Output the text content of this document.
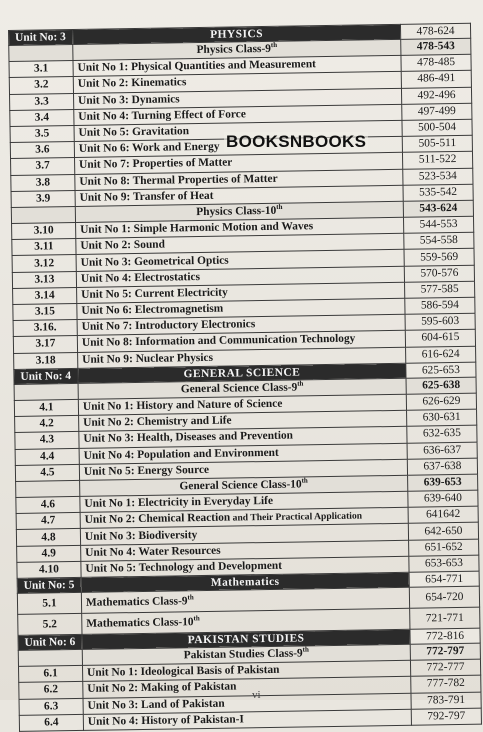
Unit No: 3	PHYSICS	478-624
	Physics Class-9th	478-543
3.1	Unit No 1: Physical Quantities and Measurement	478-485
3.2	Unit No 2: Kinematics	486-491
3.3	Unit No 3: Dynamics	492-496
3.4	Unit No 4: Turning Effect of Force	497-499
3.5	Unit No 5: Gravitation	500-504
3.6	Unit No 6: Work and Energy	505-511
3.7	Unit No 7: Properties of Matter	511-522
3.8	Unit No 8: Thermal Properties of Matter	523-534
3.9	Unit No 9: Transfer of Heat	535-542
	Physics Class-10th	543-624
3.10	Unit No 1: Simple Harmonic Motion and Waves	544-553
3.11	Unit No 2: Sound	554-558
3.12	Unit No 3: Geometrical Optics	559-569
3.13	Unit No 4: Electrostatics	570-576
3.14	Unit No 5: Current Electricity	577-585
3.15	Unit No 6: Electromagnetism	586-594
3.16.	Unit No 7: Introductory Electronics	595-603
3.17	Unit No 8: Information and Communication Technology	604-615
3.18	Unit No 9: Nuclear Physics	616-624
Unit No: 4	GENERAL SCIENCE	625-653
	General Science Class-9th	625-638
4.1	Unit No 1: History and Nature of Science	626-629
4.2	Unit No 2: Chemistry and Life	630-631
4.3	Unit No 3: Health, Diseases and Prevention	632-635
4.4	Unit No 4: Population and Environment	636-637
4.5	Unit No 5: Energy Source	637-638
	General Science Class-10th	639-653
4.6	Unit No 1: Electricity in Everyday Life	639-640
4.7	Unit No 2: Chemical Reaction and Their Practical Application	641642
4.8	Unit No 3: Biodiversity	642-650
4.9	Unit No 4: Water Resources	651-652
4.10	Unit No 5: Technology and Development	653-653
Unit No: 5	Mathematics	654-771
5.1	Mathematics Class-9th	654-720
5.2	Mathematics Class-10th	721-771
Unit No: 6	PAKISTAN STUDIES	772-816
	Pakistan Studies Class-9th	772-797
6.1	Unit No 1: Ideological Basis of Pakistan	772-777
6.2	Unit No 2: Making of Pakistan	777-782
6.3	Unit No 3: Land of Pakistan	783-791
6.4	Unit No 4: History of Pakistan-I	792-797
BOOKSNBOOKS
vi
